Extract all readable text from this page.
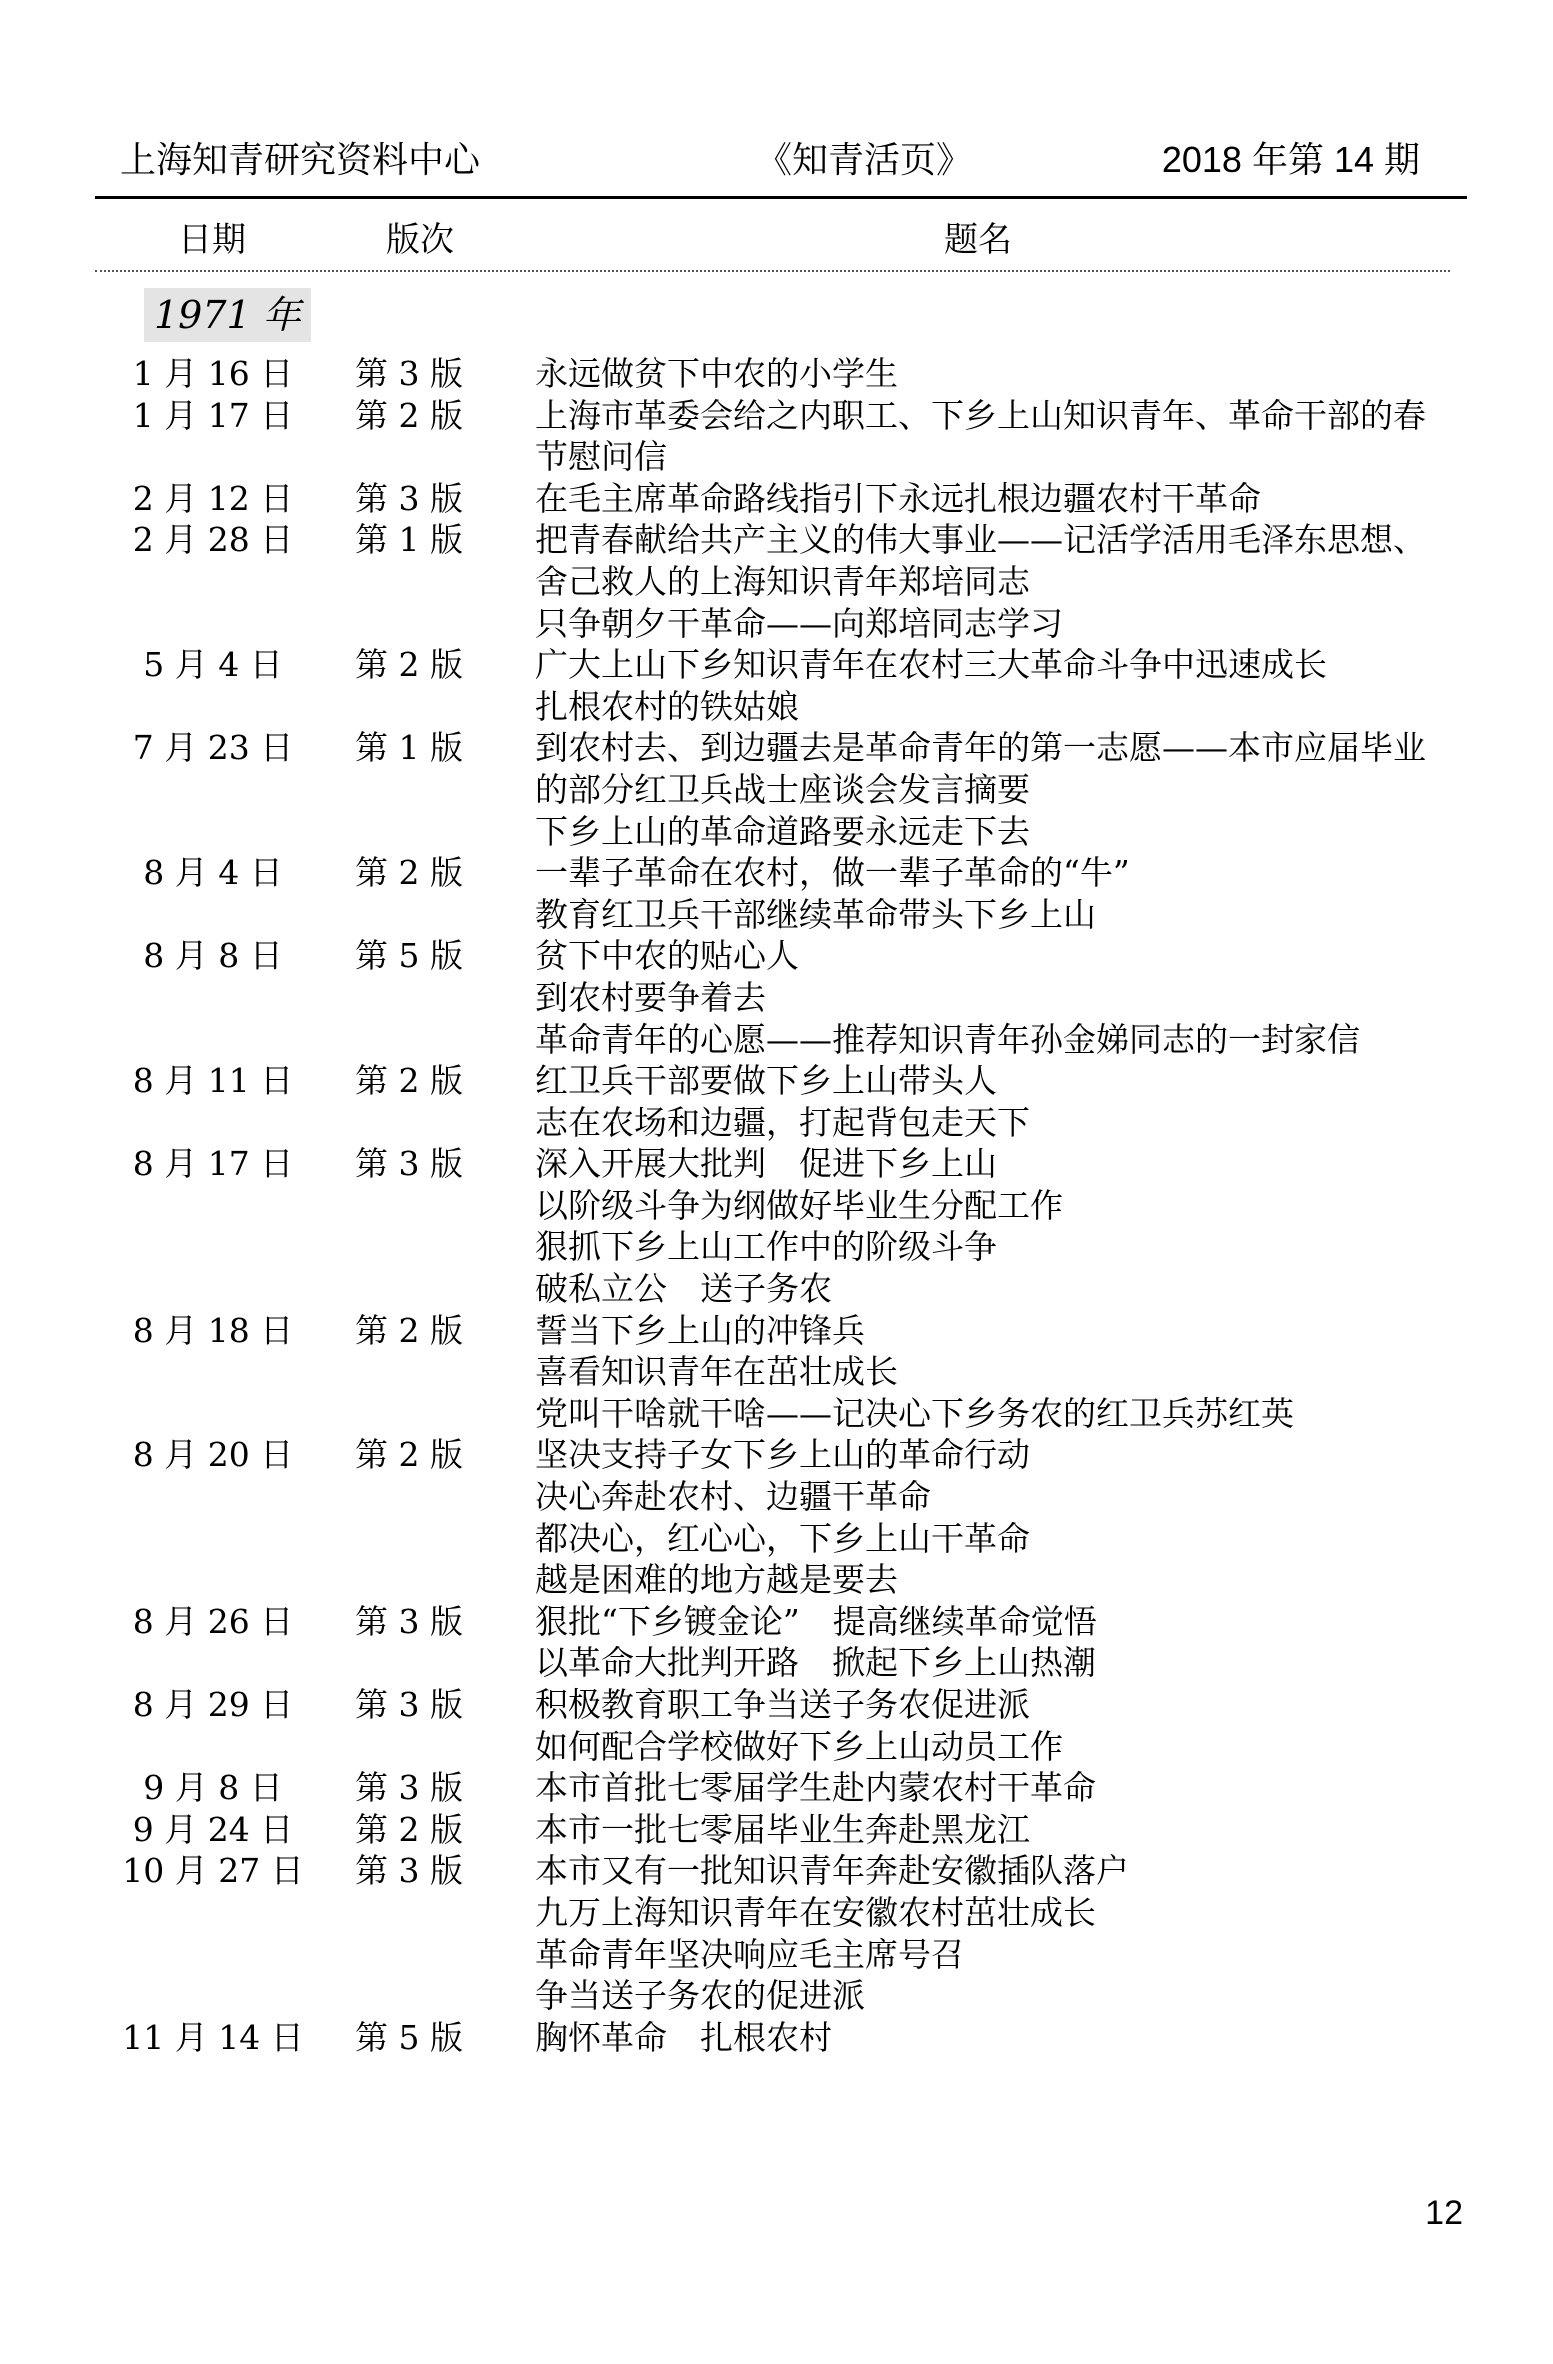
上海知青研究资料中心	《知青活页》	2018 年第 14 期
日期	版次	题名
1971 年
1 月 16 日	第 3 版 永远做贫下中农的小学生
1 月 17 日	第 2 版 上海市革委会给之内职工、下乡上山知识青年、革命干部的春节慰问信
2 月 12 日	第 3 版 在毛主席革命路线指引下永远扎根边疆农村干革命
2 月 28 日	第 1 版 把青春献给共产主义的伟大事业——记活学活用毛泽东思想、舍己救人的上海知识青年郑培同志
只争朝夕干革命——向郑培同志学习
5 月 4 日	第 2 版 广大上山下乡知识青年在农村三大革命斗争中迅速成长
扎根农村的铁姑娘
7 月 23 日	第 1 版 到农村去、到边疆去是革命青年的第一志愿——本市应届毕业的部分红卫兵战士座谈会发言摘要
下乡上山的革命道路要永远走下去
8 月 4 日	第 2 版 一辈子革命在农村，做一辈子革命的“牛”
教育红卫兵干部继续革命带头下乡上山
8 月 8 日	第 5 版 贫下中农的贴心人
到农村要争着去
革命青年的心愿——推荐知识青年孙金娣同志的一封家信
8 月 11 日	第 2 版 红卫兵干部要做下乡上山带头人
志在农场和边疆，打起背包走天下
8 月 17 日	第 3 版 深入开展大批判　促进下乡上山
以阶级斗争为纲做好毕业生分配工作
狠抓下乡上山工作中的阶级斗争
破私立公　送子务农
8 月 18 日	第 2 版 誓当下乡上山的冲锋兵
喜看知识青年在茁壮成长
党叫干啥就干啥——记决心下乡务农的红卫兵苏红英
8 月 20 日	第 2 版 坚决支持子女下乡上山的革命行动
决心奔赴农村、边疆干革命
都决心，红心心，下乡上山干革命
越是困难的地方越是要去
8 月 26 日	第 3 版 狠批“下乡镀金论”　提高继续革命觉悟
以革命大批判开路　掀起下乡上山热潮
8 月 29 日	第 3 版 积极教育职工争当送子务农促进派
如何配合学校做好下乡上山动员工作
9 月 8 日	第 3 版 本市首批七零届学生赴内蒙农村干革命
9 月 24 日	第 2 版 本市一批七零届毕业生奔赴黑龙江
10 月 27 日 第 3 版 本市又有一批知识青年奔赴安徽插队落户
九万上海知识青年在安徽农村茁壮成长
革命青年坚决响应毛主席号召
争当送子务农的促进派
11 月 14 日 第 5 版 胸怀革命　扎根农村
12
